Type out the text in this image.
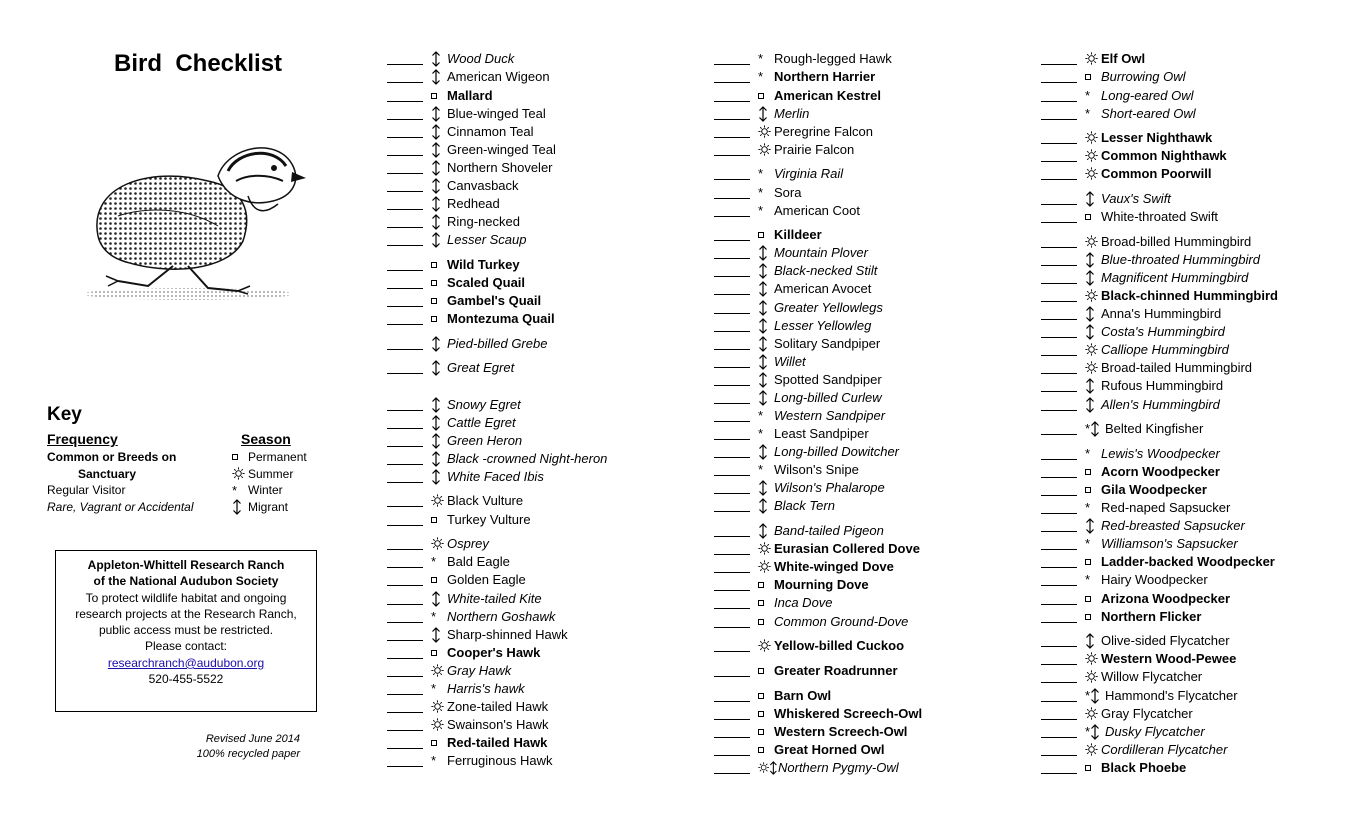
Bird  Checklist
Key
Frequency	Season
Common or Breeds on
Sanctuary
Regular Visitor
Rare, Vagrant or Accidental
Permanent
Summer
* Winter
Migrant
Appleton-Whittell Research Ranch
of the National Audubon Society
To protect wildlife habitat and ongoing
research projects at the Research Ranch,
public access must be restricted.
Please contact:
researchranch@audubon.org
520-455-5522
Revised June 2014
100% recycled paper
Wood Duck
American Wigeon
Mallard
Blue-winged Teal
Cinnamon Teal
Green-winged Teal
Northern Shoveler
Canvasback
Redhead
Ring-necked
Lesser Scaup
Wild Turkey
Scaled Quail
Gambel's Quail
Montezuma Quail
Pied-billed Grebe
Great Egret
Snowy Egret
Cattle Egret
Green Heron
Black -crowned Night-heron
White Faced Ibis
Black Vulture
Turkey Vulture
Osprey
* Bald Eagle
Golden Eagle
White-tailed Kite
* Northern Goshawk
Sharp-shinned Hawk
Cooper's Hawk
Gray Hawk
* Harris's hawk
Zone-tailed Hawk
Swainson's Hawk
Red-tailed Hawk
* Ferruginous Hawk
* Rough-legged Hawk
* Northern Harrier
American Kestrel
Merlin
Peregrine Falcon
Prairie Falcon
* Virginia Rail
* Sora
* American Coot
Killdeer
Mountain Plover
Black-necked Stilt
American Avocet
Greater Yellowlegs
Lesser Yellowleg
Solitary Sandpiper
Willet
Spotted Sandpiper
Long-billed Curlew
* Western Sandpiper
* Least Sandpiper
Long-billed Dowitcher
* Wilson's Snipe
Wilson's Phalarope
Black Tern
Band-tailed Pigeon
Eurasian Collered Dove
White-winged Dove
Mourning Dove
Inca Dove
Common Ground-Dove
Yellow-billed Cuckoo
Greater Roadrunner
Barn Owl
Whiskered Screech-Owl
Western Screech-Owl
Great Horned Owl
Northern Pygmy-Owl
Elf Owl
Burrowing Owl
* Long-eared Owl
* Short-eared Owl
Lesser Nighthawk
Common Nighthawk
Common Poorwill
Vaux's Swift
White-throated Swift
Broad-billed Hummingbird
Blue-throated Hummingbird
Magnificent Hummingbird
Black-chinned Hummingbird
Anna's Hummingbird
Costa's Hummingbird
Calliope Hummingbird
Broad-tailed Hummingbird
Rufous Hummingbird
Allen's Hummingbird
* Belted Kingfisher
* Lewis's Woodpecker
Acorn Woodpecker
Gila Woodpecker
* Red-naped Sapsucker
Red-breasted Sapsucker
* Williamson's Sapsucker
Ladder-backed Woodpecker
* Hairy Woodpecker
Arizona Woodpecker
Northern Flicker
Olive-sided Flycatcher
Western Wood-Pewee
Willow Flycatcher
* Hammond's Flycatcher
Gray Flycatcher
* Dusky Flycatcher
Cordilleran Flycatcher
Black Phoebe
